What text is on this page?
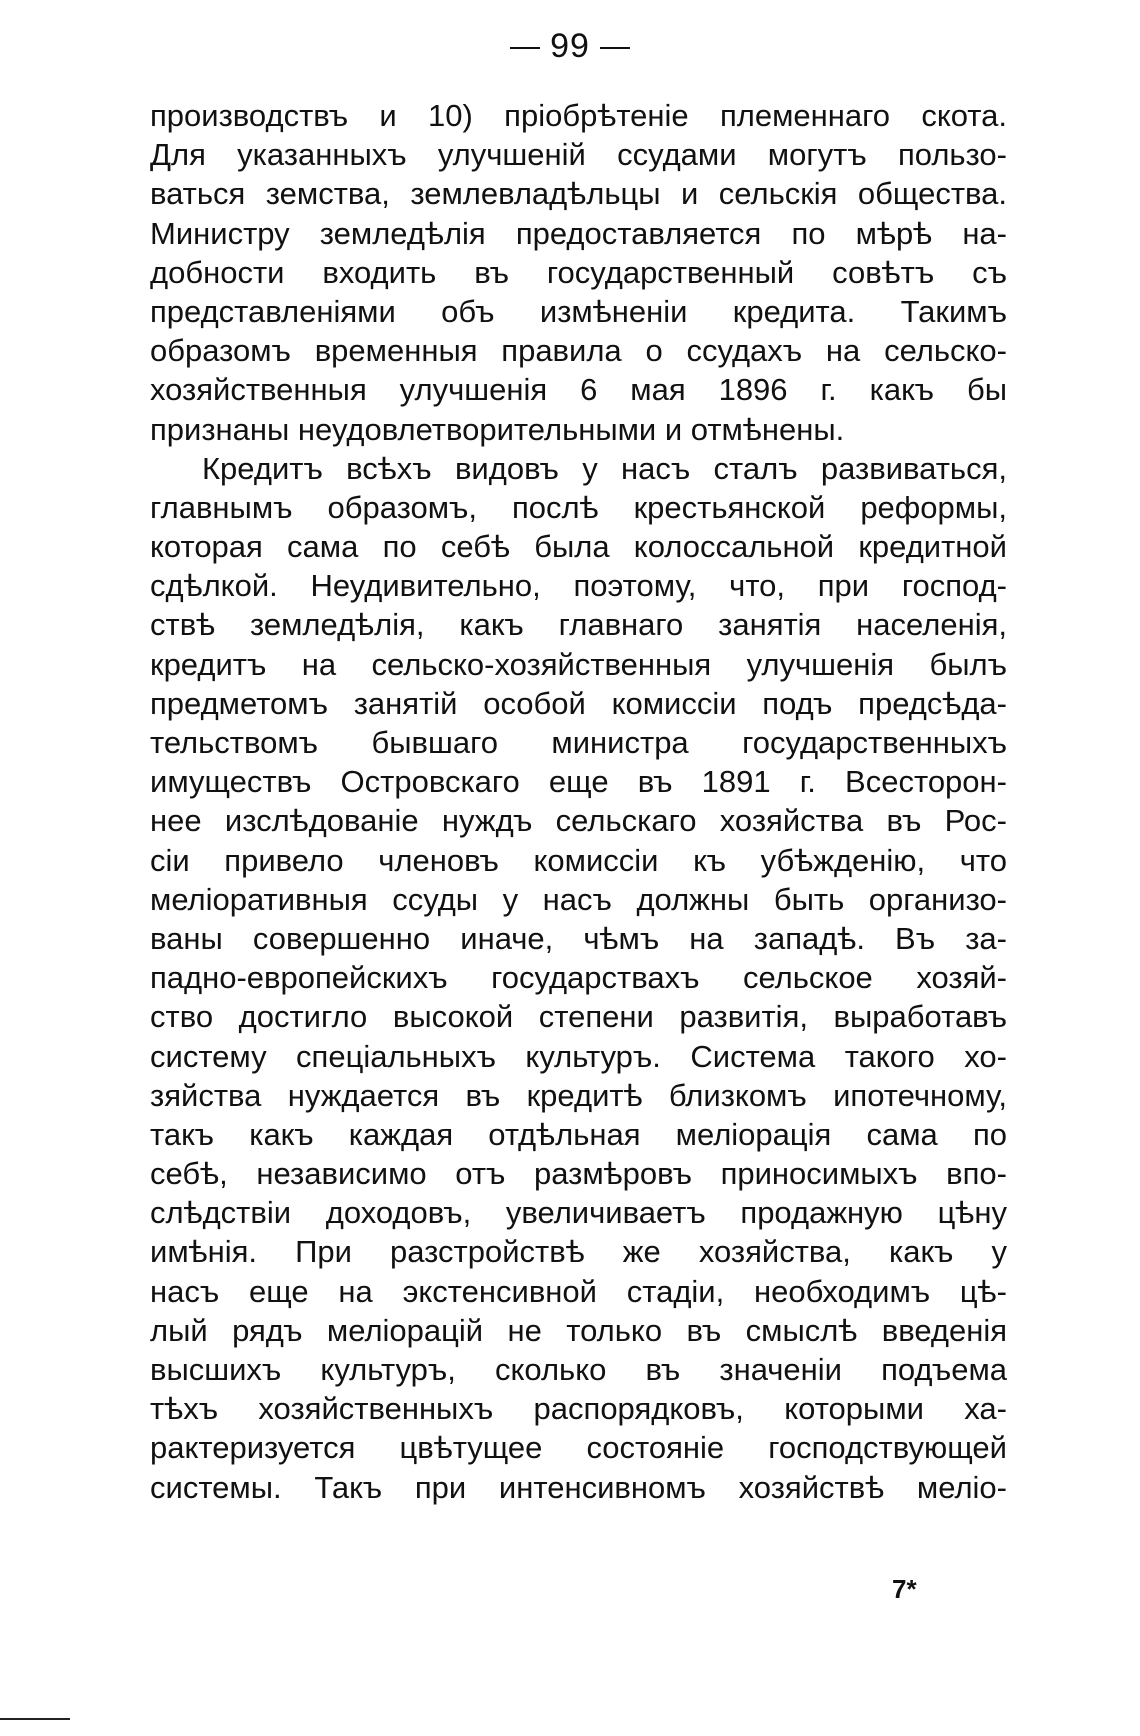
99
производствъ и 10) пріобрѣтеніе племеннаго скота.
Для указанныхъ улучшеній ссудами могутъ пользо-
ваться земства, землевладѣльцы и сельскія общества.
Министру земледѣлія предоставляется по мѣрѣ на-
добности входить въ государственный совѣтъ съ
представленіями объ измѣненіи кредита. Такимъ
образомъ временныя правила о ссудахъ на сельско-
хозяйственныя улучшенія 6 мая 1896 г. какъ бы
признаны неудовлетворительными и отмѣнены.
Кредитъ всѣхъ видовъ у насъ сталъ развиваться,
главнымъ образомъ, послѣ крестьянской реформы,
которая сама по себѣ была колоссальной кредитной
сдѣлкой. Неудивительно, поэтому, что, при господ-
ствѣ земледѣлія, какъ главнаго занятія населенія,
кредитъ на сельско-хозяйственныя улучшенія былъ
предметомъ занятій особой комиссіи подъ предсѣда-
тельствомъ бывшаго министра государственныхъ
имуществъ Островскаго еще въ 1891 г. Всесторон-
нее изслѣдованіе нуждъ сельскаго хозяйства въ Рос-
сіи привело членовъ комиссіи къ убѣжденію, что
меліоративныя ссуды у насъ должны быть организо-
ваны совершенно иначе, чѣмъ на западѣ. Въ за-
падно-европейскихъ государствахъ сельское хозяй-
ство достигло высокой степени развитія, выработавъ
систему спеціальныхъ культуръ. Система такого хо-
зяйства нуждается въ кредитѣ близкомъ ипотечному,
такъ какъ каждая отдѣльная меліорація сама по
себѣ, независимо отъ размѣровъ приносимыхъ впо-
слѣдствіи доходовъ, увеличиваетъ продажную цѣну
имѣнія. При разстройствѣ же хозяйства, какъ у
насъ еще на экстенсивной стадіи, необходимъ цѣ-
лый рядъ меліорацій не только въ смыслѣ введенія
высшихъ культуръ, сколько въ значеніи подъема
тѣхъ хозяйственныхъ распорядковъ, которыми ха-
рактеризуется цвѣтущее состояніе господствующей
системы. Такъ при интенсивномъ хозяйствѣ меліо-
7*
